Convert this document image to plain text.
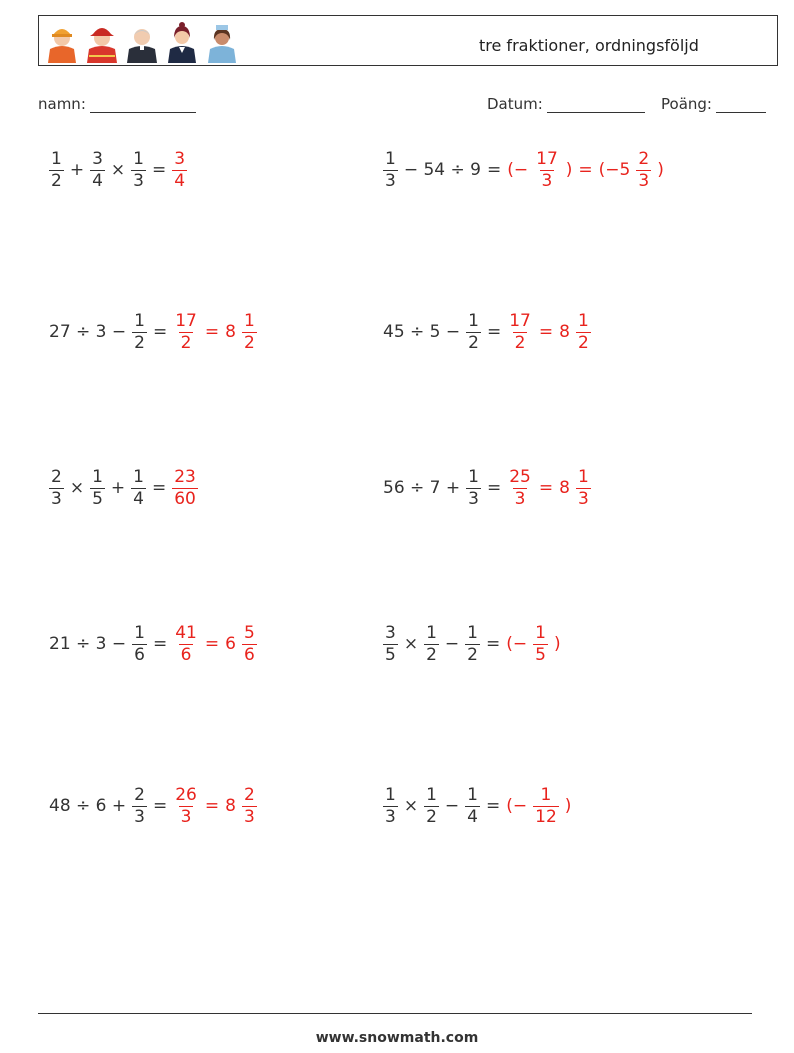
tre fraktioner, ordningsföljd
namn:	Datum:	Poäng:
$\frac{1}{2} + \frac{3}{4} \times \frac{1}{3} = \frac{3}{4}$	$\frac{1}{3} - 54 \div 9$ = (− $\frac{17}{3}$ ) = ($-5 \frac{2}{3}$ )
$27 \div 3 - \frac{1}{2} = \frac{17}{2} = 8 \frac{1}{2}$	$45 \div 5 - \frac{1}{2} = \frac{17}{2} = 8 \frac{1}{2}$
$\frac{2}{3} \times \frac{1}{5} + \frac{1}{4} = \frac{23}{60}$	$56 \div 7 + \frac{1}{3} = \frac{25}{3} = 8 \frac{1}{3}$
$21 \div 3 - \frac{1}{6} = \frac{41}{6} = 6 \frac{5}{6}$	$\frac{3}{5} \times \frac{1}{2} - \frac{1}{2}$ = (− $\frac{1}{5}$ )
$48 \div 6 + \frac{2}{3} = \frac{26}{3} = 8 \frac{2}{3}$	$\frac{1}{3} \times \frac{1}{2} - \frac{1}{4}$ = (− $\frac{1}{12}$ )
www.snowmath.com
